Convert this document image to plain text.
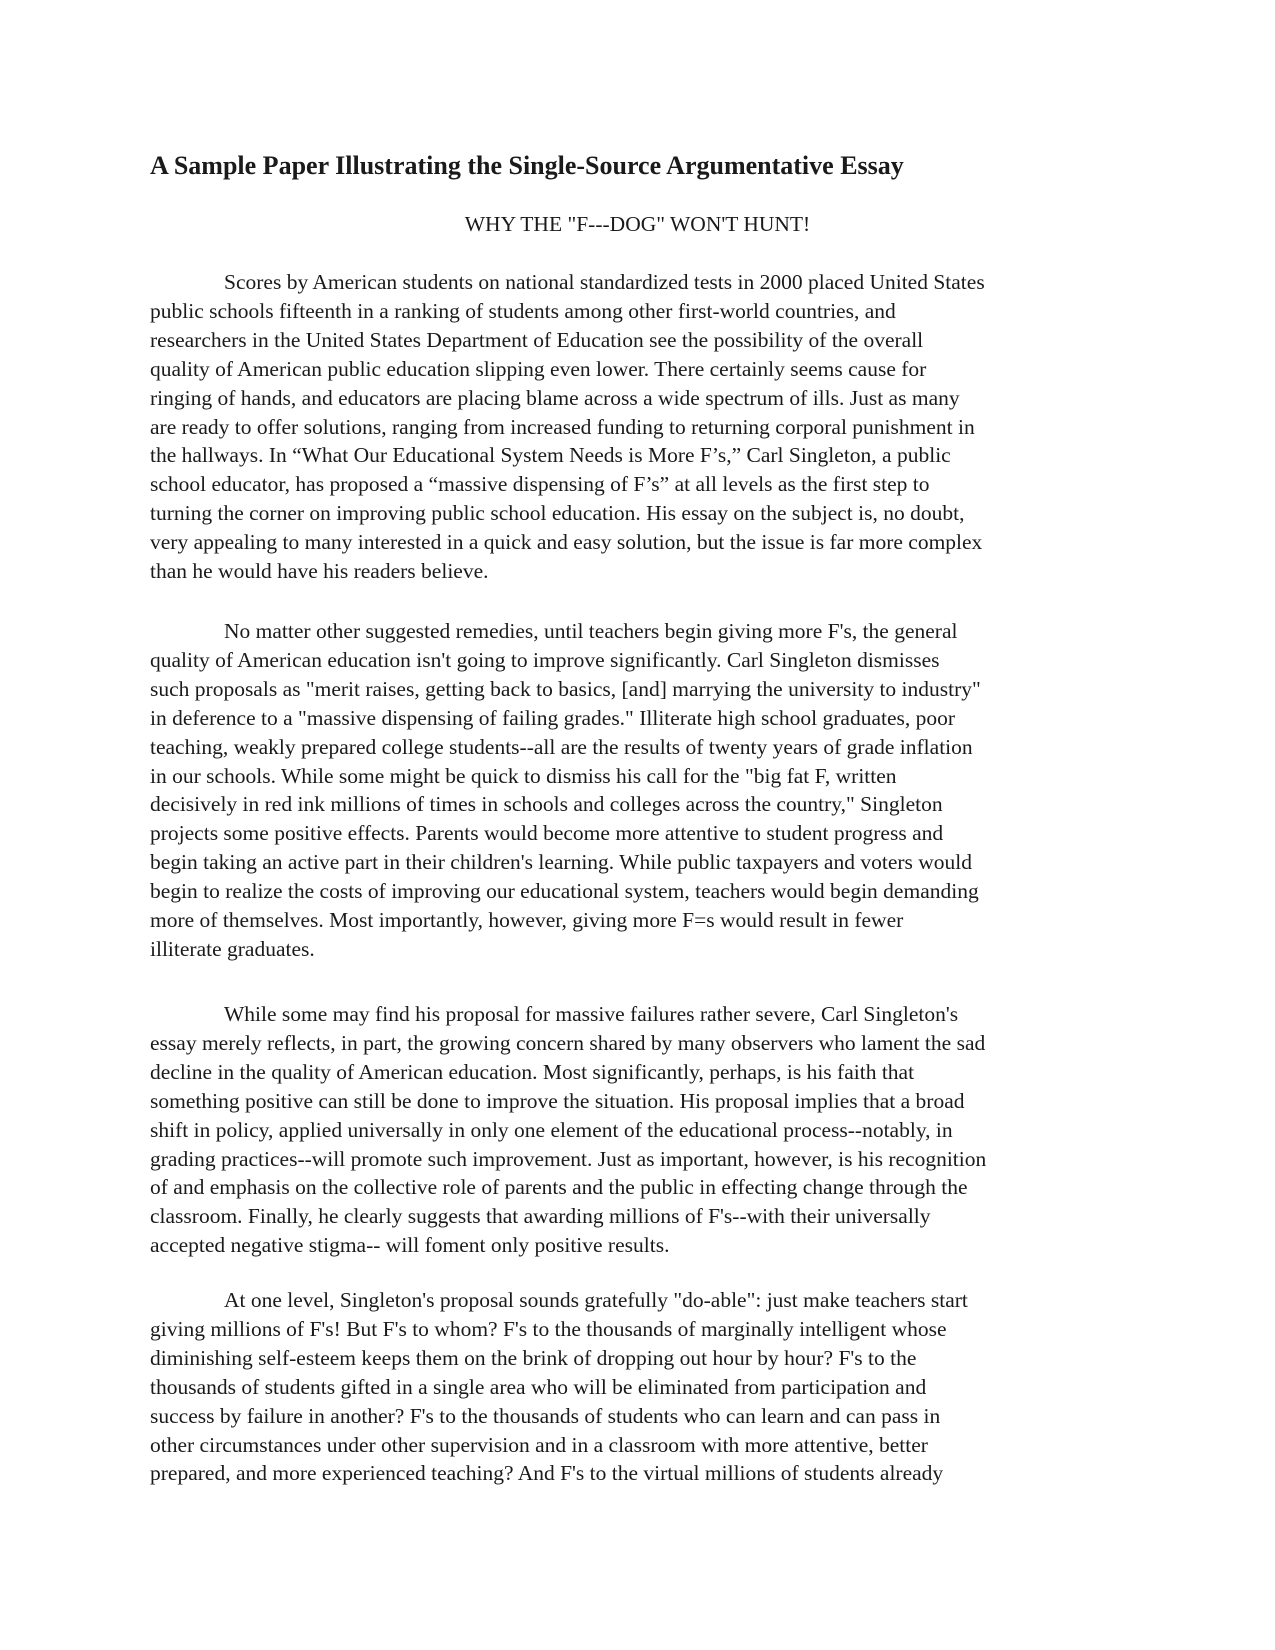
A Sample Paper Illustrating the Single-Source Argumentative Essay
WHY THE "F---DOG" WON'T HUNT!

Scores by American students on national standardized tests in 2000 placed United States
public schools fifteenth in a ranking of students among other first-world countries, and
researchers in the United States Department of Education see the possibility of the overall
quality of American public education slipping even lower. There certainly seems cause for
ringing of hands, and educators are placing blame across a wide spectrum of ills. Just as many
are ready to offer solutions, ranging from increased funding to returning corporal punishment in
the hallways. In “What Our Educational System Needs is More F’s,” Carl Singleton, a public
school educator, has proposed a “massive dispensing of F’s” at all levels as the first step to
turning the corner on improving public school education. His essay on the subject is, no doubt,
very appealing to many interested in a quick and easy solution, but the issue is far more complex
than he would have his readers believe.

No matter other suggested remedies, until teachers begin giving more F's, the general
quality of American education isn't going to improve significantly. Carl Singleton dismisses
such proposals as "merit raises, getting back to basics, [and] marrying the university to industry"
in deference to a "massive dispensing of failing grades." Illiterate high school graduates, poor
teaching, weakly prepared college students--all are the results of twenty years of grade inflation
in our schools. While some might be quick to dismiss his call for the "big fat F, written
decisively in red ink millions of times in schools and colleges across the country," Singleton
projects some positive effects. Parents would become more attentive to student progress and
begin taking an active part in their children's learning. While public taxpayers and voters would
begin to realize the costs of improving our educational system, teachers would begin demanding
more of themselves. Most importantly, however, giving more F=s would result in fewer
illiterate graduates.

While some may find his proposal for massive failures rather severe, Carl Singleton's
essay merely reflects, in part, the growing concern shared by many observers who lament the sad
decline in the quality of American education. Most significantly, perhaps, is his faith that
something positive can still be done to improve the situation. His proposal implies that a broad
shift in policy, applied universally in only one element of the educational process--notably, in
grading practices--will promote such improvement. Just as important, however, is his recognition
of and emphasis on the collective role of parents and the public in effecting change through the
classroom. Finally, he clearly suggests that awarding millions of F's--with their universally
accepted negative stigma-- will foment only positive results.

At one level, Singleton's proposal sounds gratefully "do-able": just make teachers start
giving millions of F's! But F's to whom? F's to the thousands of marginally intelligent whose
diminishing self-esteem keeps them on the brink of dropping out hour by hour? F's to the
thousands of students gifted in a single area who will be eliminated from participation and
success by failure in another? F's to the thousands of students who can learn and can pass in
other circumstances under other supervision and in a classroom with more attentive, better
prepared, and more experienced teaching? And F's to the virtual millions of students already
